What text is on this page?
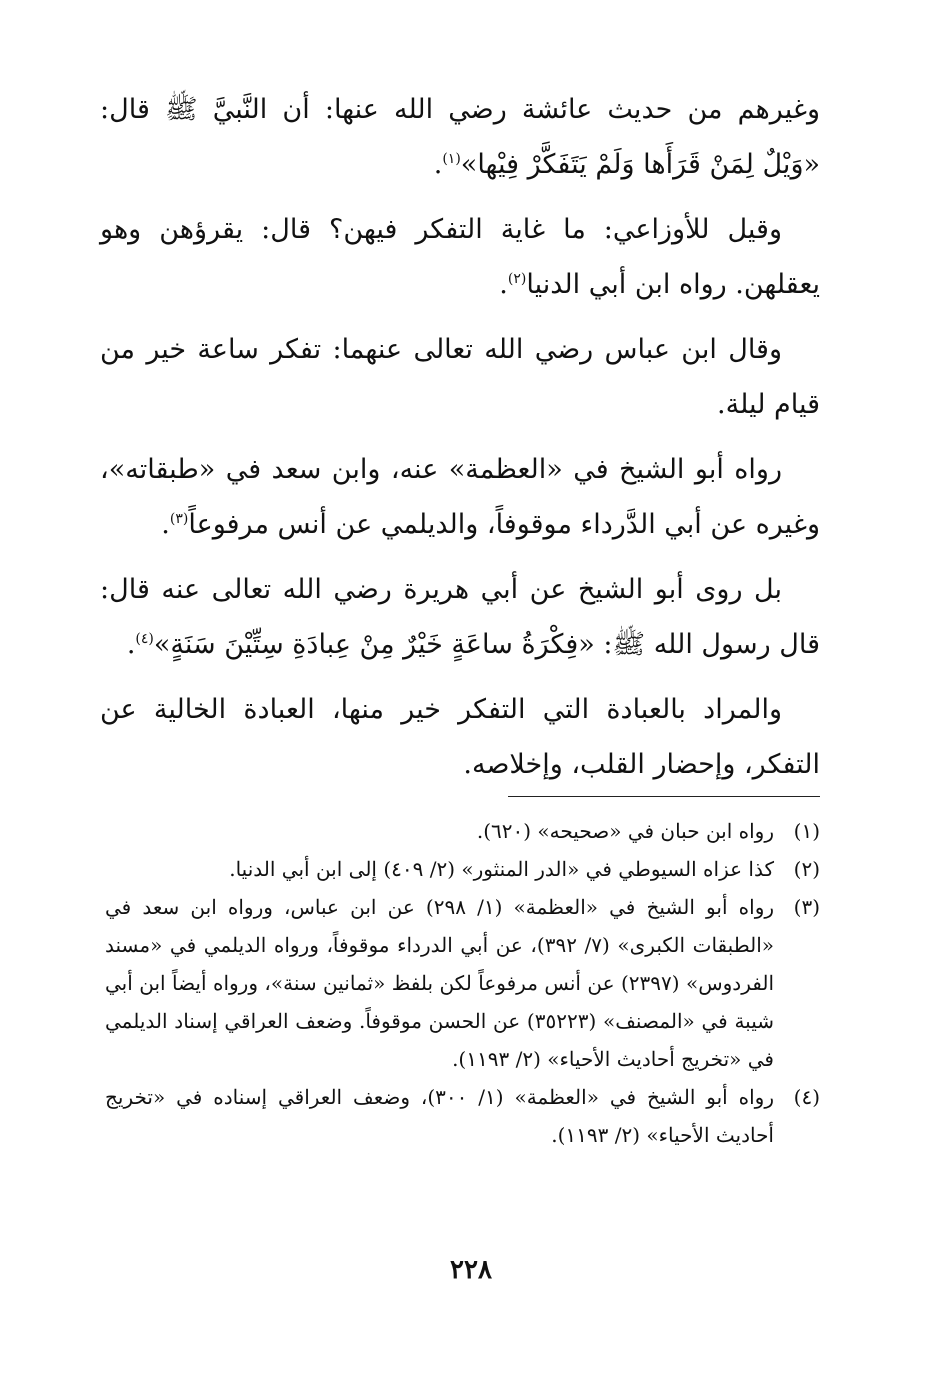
وغيرهم من حديث عائشة رضي الله عنها: أن النَّبيَّ ﷺ قال: «وَيْلٌ لِمَنْ قَرَأَها وَلَمْ يَتَفَكَّرْ فِيْها»$^{(١)}$.

وقيل للأوزاعي: ما غاية التفكر فيهن؟ قال: يقرؤهن وهو يعقلهن. رواه ابن أبي الدنيا$^{(٢)}$.

وقال ابن عباس رضي الله تعالى عنهما: تفكر ساعة خير من قيام ليلة.

رواه أبو الشيخ في «العظمة» عنه، وابن سعد في «طبقاته»، وغيره عن أبي الدَّرداء موقوفاً، والديلمي عن أنس مرفوعاً$^{(٣)}$.

بل روى أبو الشيخ عن أبي هريرة رضي الله تعالى عنه قال: قال رسول الله ﷺ: «فِكْرَةُ ساعَةٍ خَيْرٌ مِنْ عِبادَةِ سِتِّيْنَ سَنَةٍ»$^{(٤)}$.

والمراد بالعبادة التي التفكر خير منها، العبادة الخالية عن التفكر، وإحضار القلب، وإخلاصه.

(١)
رواه ابن حبان في «صحيحه» (٦٢٠).
(٢)
كذا عزاه السيوطي في «الدر المنثور» (٢/ ٤٠٩) إلى ابن أبي الدنيا.
(٣)
رواه أبو الشيخ في «العظمة» (١/ ٢٩٨) عن ابن عباس، ورواه ابن سعد في «الطبقات الكبرى» (٧/ ٣٩٢)، عن أبي الدرداء موقوفاً، ورواه الديلمي في «مسند الفردوس» (٢٣٩٧) عن أنس مرفوعاً لكن بلفظ «ثمانين سنة»، ورواه أيضاً ابن أبي شيبة في «المصنف» (٣٥٢٢٣) عن الحسن موقوفاً. وضعف العراقي إسناد الديلمي في «تخريج أحاديث الأحياء» (٢/ ١١٩٣).
(٤)
رواه أبو الشيخ في «العظمة» (١/ ٣٠٠)، وضعف العراقي إسناده في «تخريج أحاديث الأحياء» (٢/ ١١٩٣).
٢٢٨
